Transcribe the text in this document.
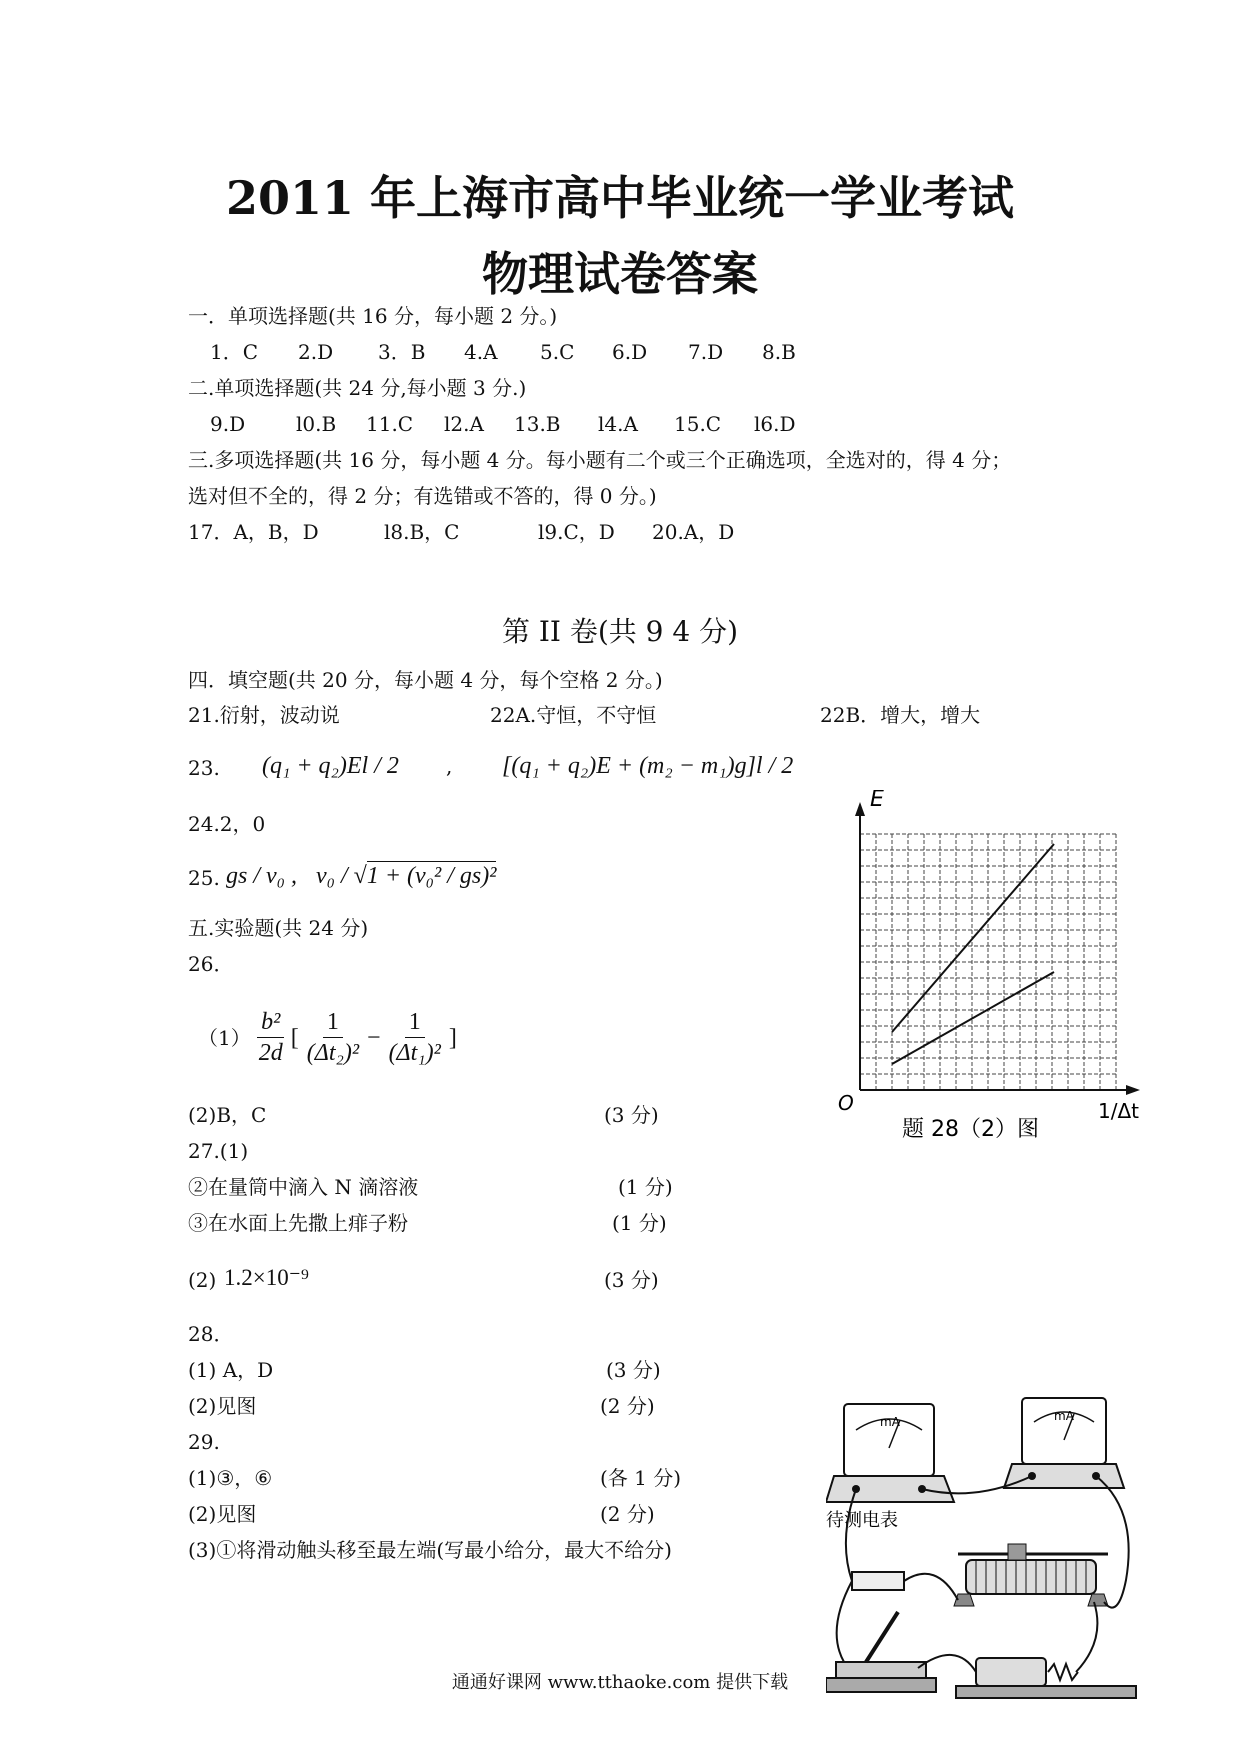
2011 年上海市高中毕业统一学业考试
物理试卷答案
一．单项选择题(共 16 分，每小题 2 分。)
1．C 2.D 3．B 4.A 5.C 6.D 7.D 8.B
二.单项选择题(共 24 分,每小题 3 分.)
9.D	l0.B 11.C l2.A 13.B l4.A 15.C l6.D
三.多项选择题(共 16 分，每小题 4 分。每小题有二个或三个正确选项，全选对的，得 4 分；
选对但不全的，得 2 分；有选错或不答的，得 0 分。)
17．A，B，D	l8.B，C	l9.C，D 20.A，D
第 II 卷(共 9 4 分)
四．填空题(共 20 分，每小题 4 分，每个空格 2 分。)
21.衍射，波动说	22A.守恒，不守恒	22B．增大，增大
23. (q₁ + q₂)El / 2 , [(q₁ + q₂)E + (m₂ − m₁)g]l / 2
24.2，0
25. gs / v₀ , v₀ / √1 + (v₀² / gs)²
五.实验题(共 24 分)
26．
$(1) \frac{\text{b²}}{2d}$ [ $\frac{1}{\text{(Δt₂)²}} - \frac{1}{\text{(Δt₁)²}}$ ]
(2)B，C	(3 分)
27.(1)
②在量筒中滴入 N 滴溶液	(1 分)
③在水面上先撒上痱子粉	(1 分)
(2) 1.2×10⁻⁹	(3 分)
28．
(1) A，D	(3 分)
(2)见图	(2 分)
29.
(1)③，⑥	(各 1 分)
(2)见图	(2 分)
(3)①将滑动触头移至最左端(写最小给分，最大不给分)
E
O	1/Δt
题 28（2）图
mA
待测电表
mA
通通好课网 www.tthaoke.com 提供下载
